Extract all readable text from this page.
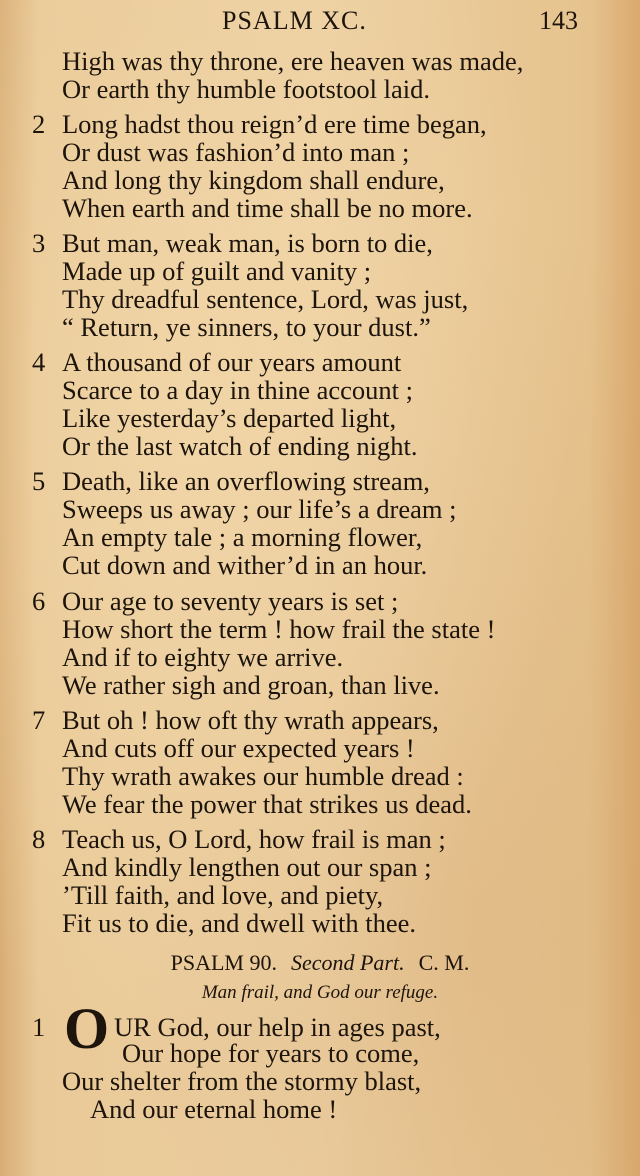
PSALM XC.	143
High was thy throne, ere heaven was made,
Or earth thy humble footstool laid.
2 Long hadst thou reign’d ere time began,
Or dust was fashion’d into man ;
And long thy kingdom shall endure,
When earth and time shall be no more.
3 But man, weak man, is born to die,
Made up of guilt and vanity ;
Thy dreadful sentence, Lord, was just,
“ Return, ye sinners, to your dust.”
4 A thousand of our years amount
Scarce to a day in thine account ;
Like yesterday’s departed light,
Or the last watch of ending night.
5 Death, like an overflowing stream,
Sweeps us away ; our life’s a dream ;
An empty tale ; a morning flower,
Cut down and wither’d in an hour.
6 Our age to seventy years is set ;
How short the term ! how frail the state !
And if to eighty we arrive.
We rather sigh and groan, than live.
7 But oh ! how oft thy wrath appears,
And cuts off our expected years !
Thy wrath awakes our humble dread :
We fear the power that strikes us dead.
8 Teach us, O Lord, how frail is man ;
And kindly lengthen out our span ;
’Till faith, and love, and piety,
Fit us to die, and dwell with thee.
PSALM 90. Second Part. C. M.
Man frail, and God our refuge.
1 O UR God, our help in ages past,
Our hope for years to come,
Our shelter from the stormy blast,
And our eternal home !
